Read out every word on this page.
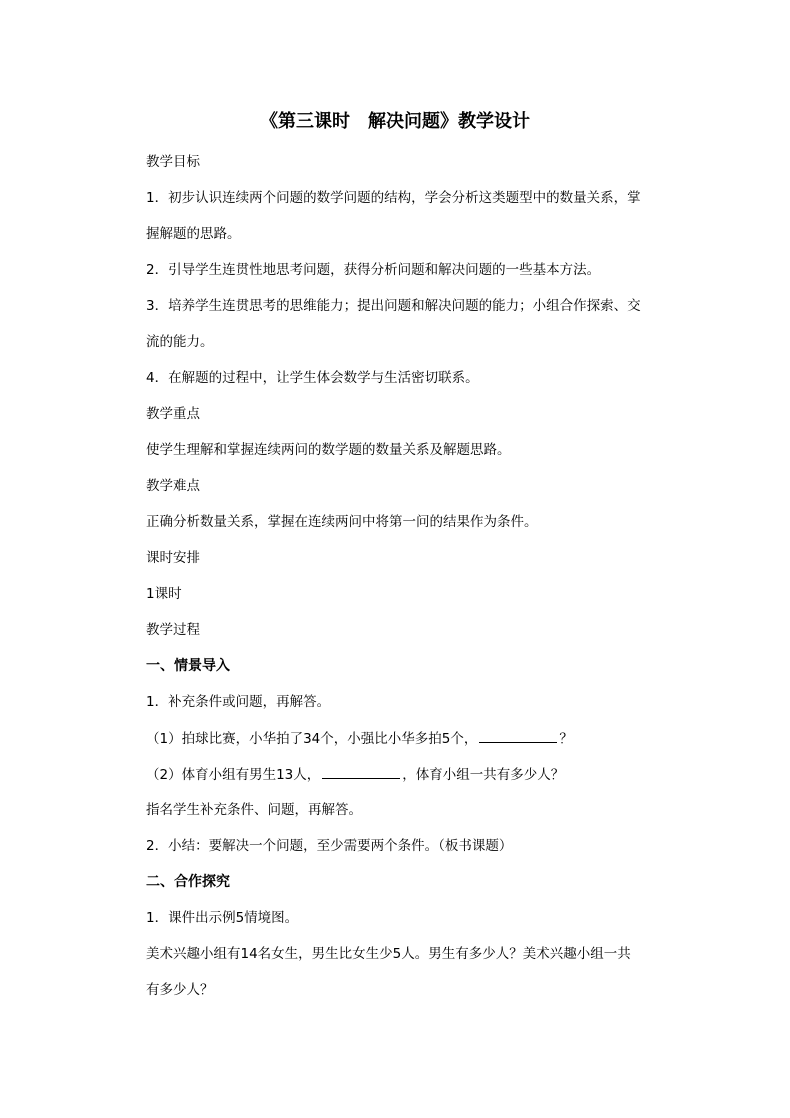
《第三课时　解决问题》教学设计
教学目标
1．初步认识连续两个问题的数学问题的结构，学会分析这类题型中的数量关系，掌
握解题的思路。
2．引导学生连贯性地思考问题，获得分析问题和解决问题的一些基本方法。
3．培养学生连贯思考的思维能力；提出问题和解决问题的能力；小组合作探索、交
流的能力。
4．在解题的过程中，让学生体会数学与生活密切联系。
教学重点
使学生理解和掌握连续两问的数学题的数量关系及解题思路。
教学难点
正确分析数量关系，掌握在连续两问中将第一问的结果作为条件。
课时安排
1课时
教学过程
一、情景导入
1．补充条件或问题，再解答。
（1）拍球比赛，小华拍了34个，小强比小华多拍5个，	？
（2）体育小组有男生13人，	，体育小组一共有多少人？
指名学生补充条件、问题，再解答。
2．小结：要解决一个问题，至少需要两个条件。（板书课题）
二、合作探究
1．课件出示例5情境图。
美术兴趣小组有14名女生，男生比女生少5人。男生有多少人？美术兴趣小组一共
有多少人？
